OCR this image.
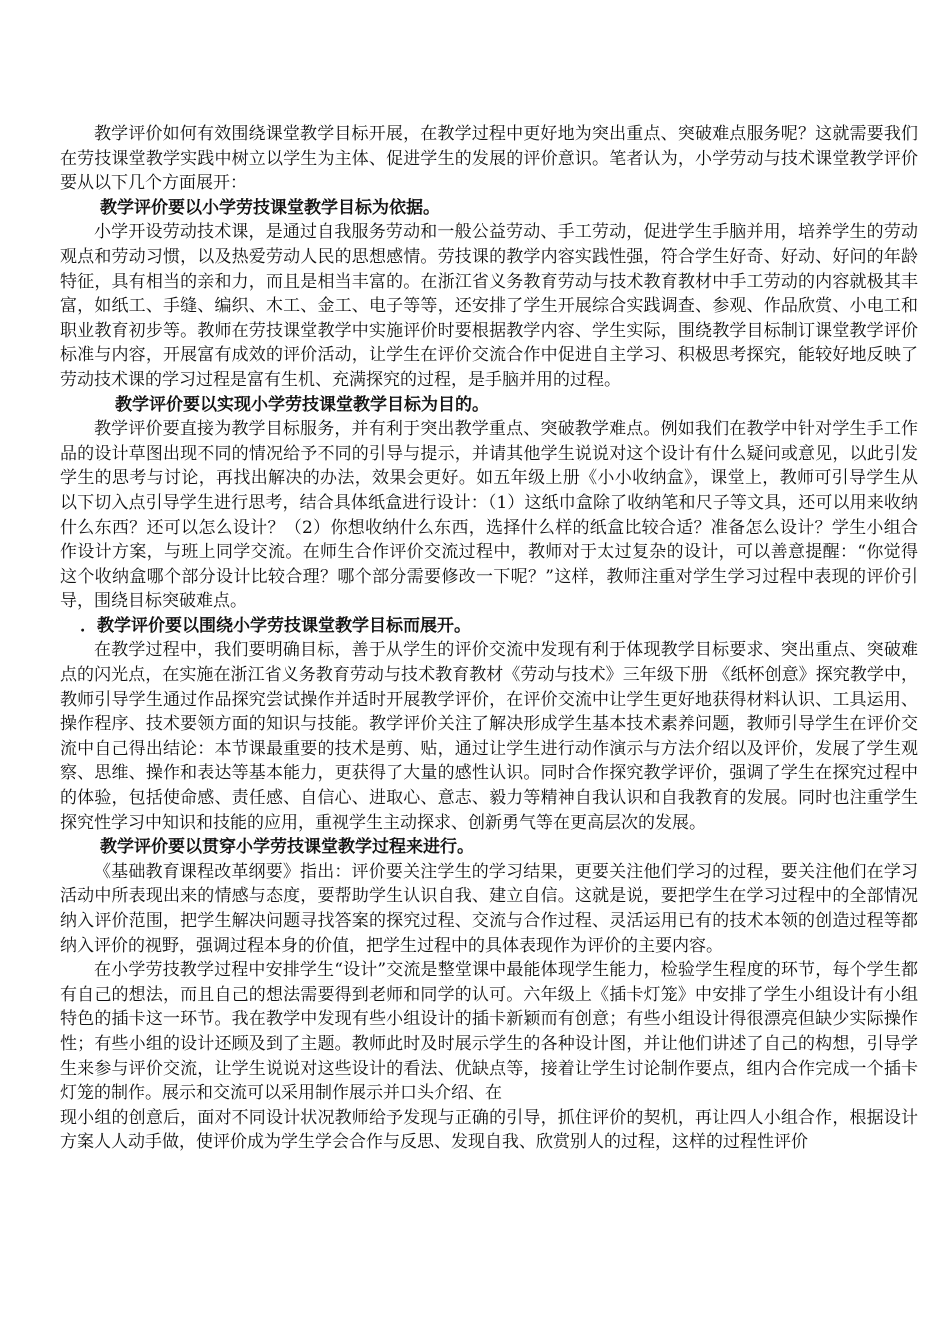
教学评价如何有效围绕课堂教学目标开展，在教学过程中更好地为突出重点、突破难点服务呢？这就需要我们在劳技课堂教学实践中树立以学生为主体、促进学生的发展的评价意识。笔者认为，小学劳动与技术课堂教学评价要从以下几个方面展开：

教学评价要以小学劳技课堂教学目标为依据。

小学开设劳动技术课，是通过自我服务劳动和一般公益劳动、手工劳动，促进学生手脑并用，培养学生的劳动观点和劳动习惯，以及热爱劳动人民的思想感情。劳技课的教学内容实践性强，符合学生好奇、好动、好问的年龄特征，具有相当的亲和力，而且是相当丰富的。在浙江省义务教育劳动与技术教育教材中手工劳动的内容就极其丰富，如纸工、手缝、编织、木工、金工、电子等等，还安排了学生开展综合实践调查、参观、作品欣赏、小电工和职业教育初步等。教师在劳技课堂教学中实施评价时要根据教学内容、学生实际，围绕教学目标制订课堂教学评价标准与内容，开展富有成效的评价活动，让学生在评价交流合作中促进自主学习、积极思考探究，能较好地反映了劳动技术课的学习过程是富有生机、充满探究的过程，是手脑并用的过程。

教学评价要以实现小学劳技课堂教学目标为目的。

教学评价要直接为教学目标服务，并有利于突出教学重点、突破教学难点。例如我们在教学中针对学生手工作品的设计草图出现不同的情况给予不同的引导与提示，并请其他学生说说对这个设计有什么疑问或意见，以此引发学生的思考与讨论，再找出解决的办法，效果会更好。如五年级上册《小小收纳盒》，课堂上，教师可引导学生从以下切入点引导学生进行思考，结合具体纸盒进行设计：（1）这纸巾盒除了收纳笔和尺子等文具，还可以用来收纳什么东西？还可以怎么设计？（2）你想收纳什么东西，选择什么样的纸盒比较合适？准备怎么设计？学生小组合作设计方案，与班上同学交流。在师生合作评价交流过程中，教师对于太过复杂的设计，可以善意提醒：“你觉得这个收纳盒哪个部分设计比较合理？哪个部分需要修改一下呢？”这样，教师注重对学生学习过程中表现的评价引导，围绕目标突破难点。

．教学评价要以围绕小学劳技课堂教学目标而展开。

在教学过程中，我们要明确目标，善于从学生的评价交流中发现有利于体现教学目标要求、突出重点、突破难点的闪光点，在实施在浙江省义务教育劳动与技术教育教材《劳动与技术》三年级下册 《纸杯创意》探究教学中，教师引导学生通过作品探究尝试操作并适时开展教学评价，在评价交流中让学生更好地获得材料认识、工具运用、操作程序、技术要领方面的知识与技能。教学评价关注了解决形成学生基本技术素养问题，教师引导学生在评价交流中自己得出结论：本节课最重要的技术是剪、贴，通过让学生进行动作演示与方法介绍以及评价，发展了学生观察、思维、操作和表达等基本能力，更获得了大量的感性认识。同时合作探究教学评价，强调了学生在探究过程中的体验，包括使命感、责任感、自信心、进取心、意志、毅力等精神自我认识和自我教育的发展。同时也注重学生探究性学习中知识和技能的应用，重视学生主动探求、创新勇气等在更高层次的发展。

教学评价要以贯穿小学劳技课堂教学过程来进行。

《基础教育课程改革纲要》指出：评价要关注学生的学习结果，更要关注他们学习的过程，要关注他们在学习活动中所表现出来的情感与态度，要帮助学生认识自我、建立自信。这就是说，要把学生在学习过程中的全部情况纳入评价范围，把学生解决问题寻找答案的探究过程、交流与合作过程、灵活运用已有的技术本领的创造过程等都纳入评价的视野，强调过程本身的价值，把学生过程中的具体表现作为评价的主要内容。

在小学劳技教学过程中安排学生“设计”交流是整堂课中最能体现学生能力，检验学生程度的环节，每个学生都有自己的想法，而且自己的想法需要得到老师和同学的认可。六年级上《插卡灯笼》中安排了学生小组设计有小组特色的插卡这一环节。我在教学中发现有些小组设计的插卡新颖而有创意；有些小组设计得很漂亮但缺少实际操作性；有些小组的设计还顾及到了主题。教师此时及时展示学生的各种设计图，并让他们讲述了自己的构想，引导学生来参与评价交流，让学生说说对这些设计的看法、优缺点等，接着让学生讨论制作要点，组内合作完成一个插卡灯笼的制作。展示和交流可以采用制作展示并口头介绍、在

现小组的创意后，面对不同设计状况教师给予发现与正确的引导，抓住评价的契机，再让四人小组合作，根据设计方案人人动手做，使评价成为学生学会合作与反思、发现自我、欣赏别人的过程，这样的过程性评价
